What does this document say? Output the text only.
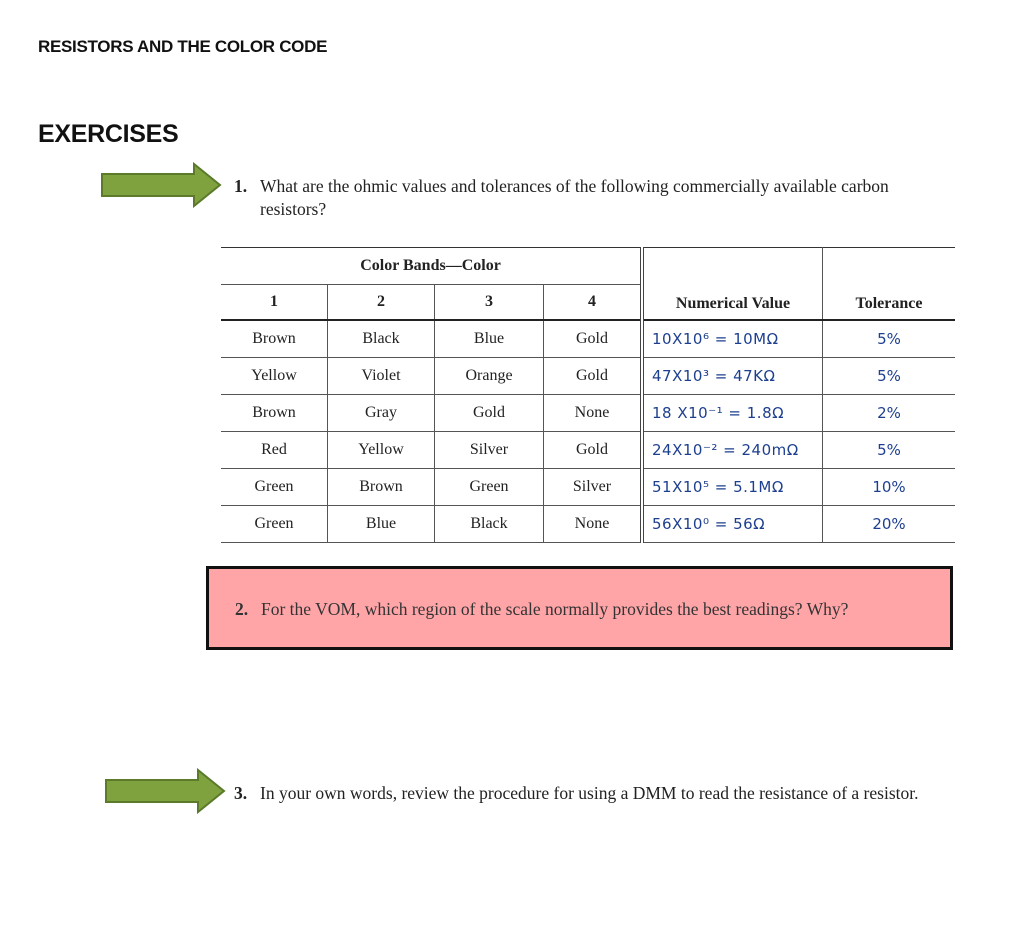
RESISTORS AND THE COLOR CODE
EXERCISES
1. What are the ohmic values and tolerances of the following commercially available carbon resistors?
Color Bands—Color				Numerical Value	Tolerance
1	2	3	4		
Brown	Black	Blue	Gold	10X10⁶ = 10MΩ	5%
Yellow	Violet	Orange	Gold	47X10³ = 47KΩ	5%
Brown	Gray	Gold	None	18 X10⁻¹ = 1.8Ω	2%
Red	Yellow	Silver	Gold	24X10⁻² = 240mΩ	5%
Green	Brown	Green	Silver	51X10⁵ = 5.1MΩ	10%
Green	Blue	Black	None	56X10⁰ = 56Ω	20%
2. For the VOM, which region of the scale normally provides the best readings? Why?
3. In your own words, review the procedure for using a DMM to read the resistance of a resistor.
